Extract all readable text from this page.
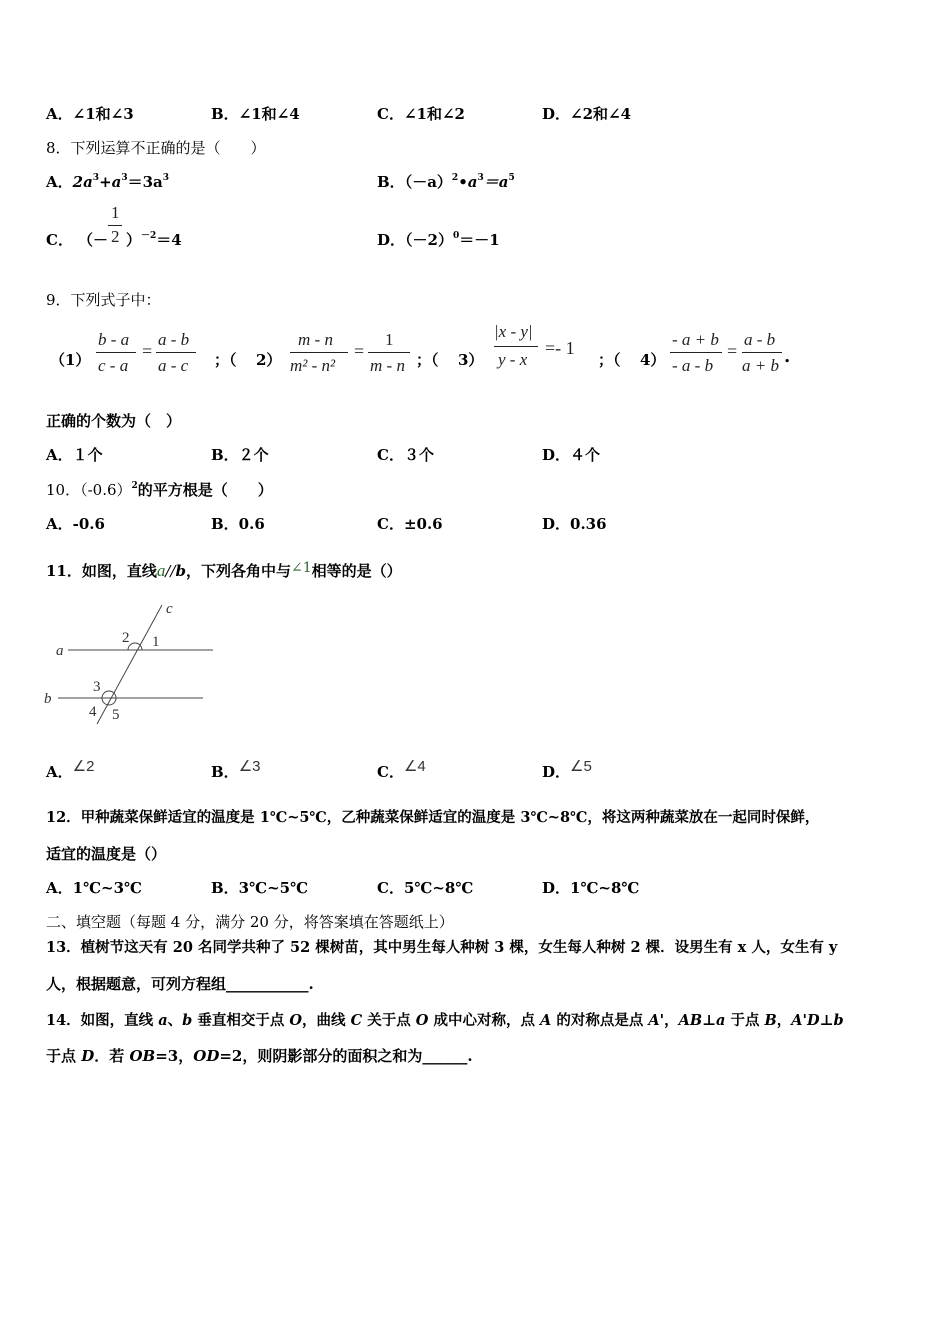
A．∠1和∠3	B．∠1和∠4	C．∠1和∠2	D．∠2和∠4
8．下列运算不正确的是（　　）
A．$2a^3+a^3=3a^3$	B．$(-a)^2•a^3=a^5$
C． （－
1
2 ）$^{-2}$＝4	D．$(-2)^0=-1$
9．下列式子中：
（1）
b - a
c - a
=
a - b
a - c ；（ 2）
m - n
m² - n²
=
1
m - n ；（ 3）
|x - y|
y - x
=- 1
；（ 4）
- a + b
- a - b
=
a - b
a + b .
正确的个数为（　）
A．１个	B．２个	C．３个	D．４个
10．$(-0.6)^2$的平方根是（　　）
A．-0.6	B．0.6	C．±0.6	D．0.36
11．如图，直线a//b，下列各角中与∠1相等的是（）
a
b
c
1
2
3
4 5
A．∠2	B．∠3	C．∠4	D．∠5
12．甲种蔬菜保鲜适宜的温度是 1℃~5℃，乙种蔬菜保鲜适宜的温度是 3℃~8℃，将这两种蔬菜放在一起同时保鲜，
适宜的温度是（）
A．1℃~3℃	B．3℃~5℃	C．5℃~8℃	D．1℃~8℃
二、填空题（每题 4 分，满分 20 分，将答案填在答题纸上）
13．植树节这天有 20 名同学共种了 52 棵树苗，其中男生每人种树 3 棵，女生每人种树 2 棵．设男生有 x 人，女生有 y
人，根据题意，可列方程组___________.
14．如图，直线 a、b 垂直相交于点 O，曲线 C 关于点 O 成中心对称，点 A 的对称点是点 A'，AB⊥a 于点 B，A'D⊥b
于点 D．若 OB=3，OD=2，则阴影部分的面积之和为______.
